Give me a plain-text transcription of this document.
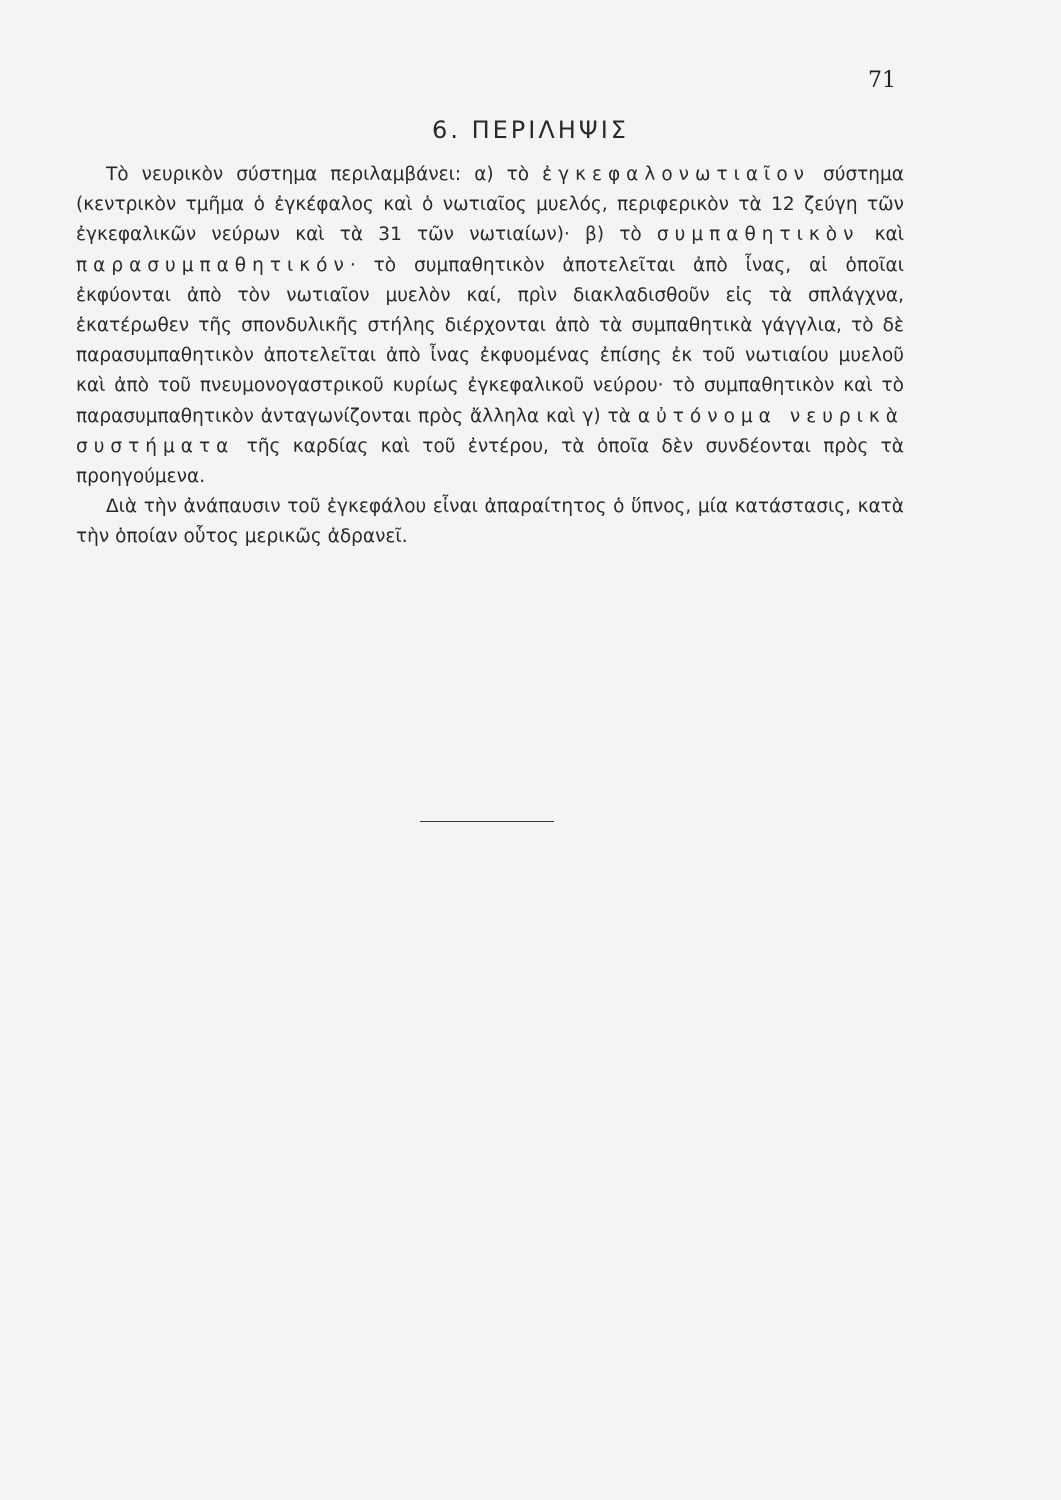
71
6. ΠΕΡΙΛΗΨΙΣ

Τὸ νευρικὸν σύστημα περιλαμβάνει: α) τὸ ἐγκεφαλονωτιαῖον σύστημα (κεντρικὸν τμῆμα ὁ ἐγκέφαλος καὶ ὁ νωτιαῖος μυελός, περιφερικὸν τὰ 12 ζεύγη τῶν ἐγκεφαλικῶν νεύρων καὶ τὰ 31 τῶν νωτιαίων)· β) τὸ συμπαθητικὸν καὶ παρασυμπαθητικόν· τὸ συμπαθητικὸν ἀποτελεῖται ἀπὸ ἶνας, αἱ ὁποῖαι ἐκφύονται ἀπὸ τὸν νωτιαῖον μυελὸν καί, πρὶν διακλαδισθοῦν εἰς τὰ σπλάγχνα, ἑκατέρωθεν τῆς σπονδυλικῆς στήλης διέρχονται ἀπὸ τὰ συμπαθητικὰ γάγγλια, τὸ δὲ παρασυμπαθητικὸν ἀποτελεῖται ἀπὸ ἶνας ἐκφυομένας ἐπίσης ἐκ τοῦ νωτιαίου μυελοῦ καὶ ἀπὸ τοῦ πνευμονογαστρικοῦ κυρίως ἐγκεφαλικοῦ νεύρου· τὸ συμπαθητικὸν καὶ τὸ παρασυμπαθητικὸν ἀνταγωνίζονται πρὸς ἄλληλα καὶ γ) τὰ αὐτόνομα νευρικὰ συστήματα τῆς καρδίας καὶ τοῦ ἐντέρου, τὰ ὁποῖα δὲν συνδέονται πρὸς τὰ προηγούμενα.

Διὰ τὴν ἀνάπαυσιν τοῦ ἐγκεφάλου εἶναι ἀπαραίτητος ὁ ὕπνος, μία κατάστασις, κατὰ τὴν ὁποίαν οὗτος μερικῶς ἀδρανεῖ.
